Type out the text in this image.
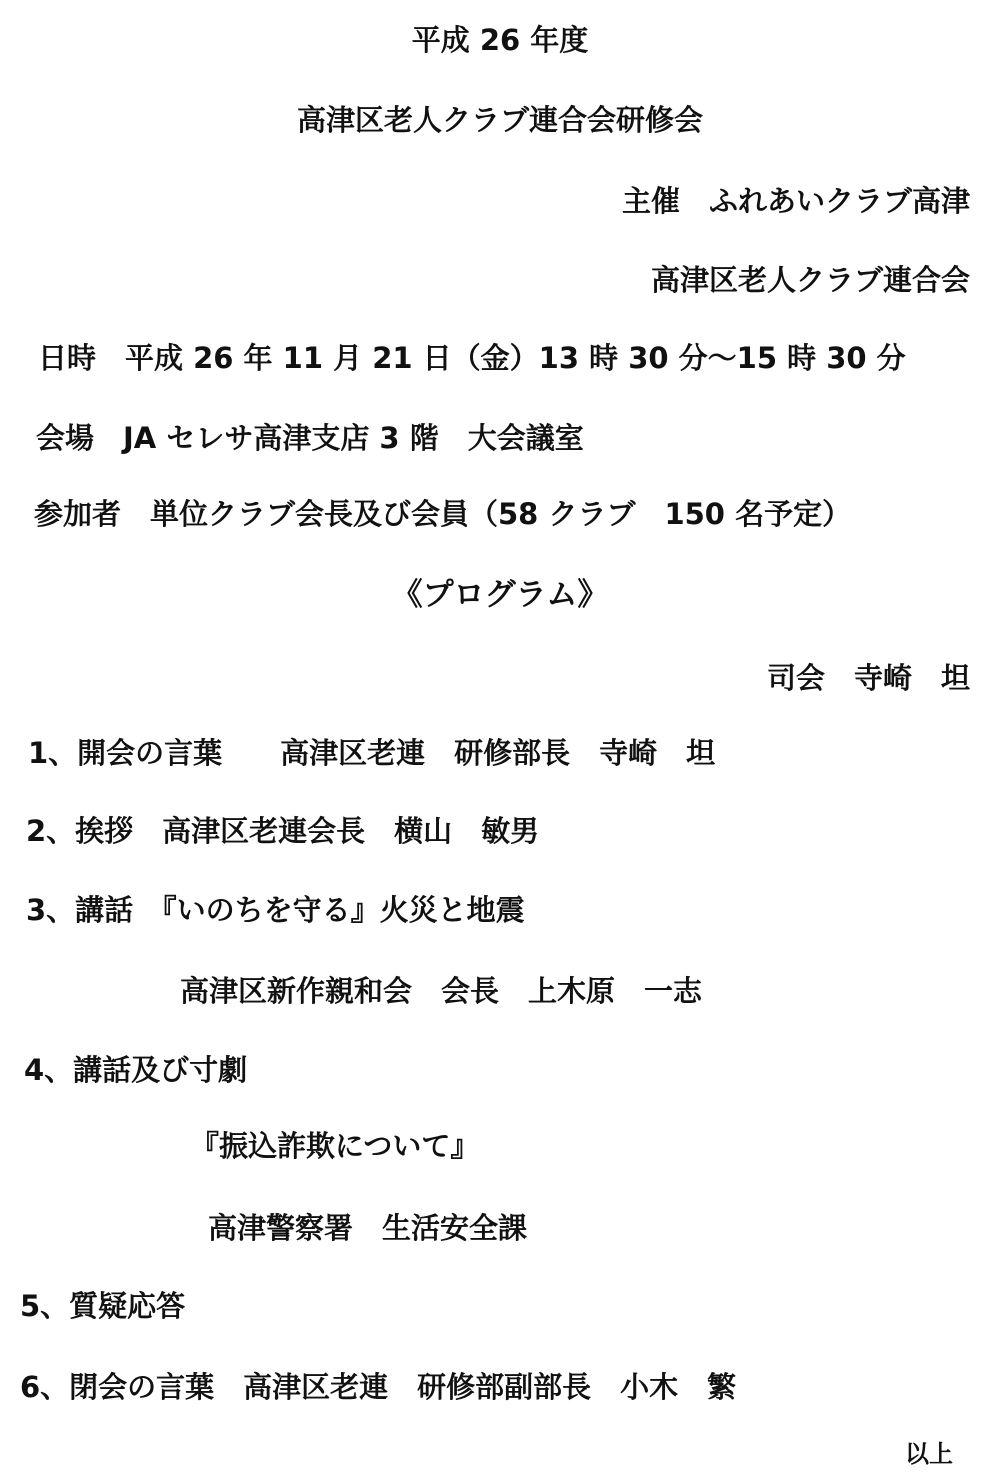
平成 26 年度
高津区老人クラブ連合会研修会
主催　ふれあいクラブ高津
高津区老人クラブ連合会
日時　平成 26 年 11 月 21 日（金）13 時 30 分～15 時 30 分
会場　JA セレサ高津支店 3 階　大会議室
参加者　単位クラブ会長及び会員（58 クラブ　150 名予定）
《プログラム》
司会　寺崎　坦
1、開会の言葉　　高津区老連　研修部長　寺崎　坦
2、挨拶　高津区老連会長　横山　敏男
3、講話　『いのちを守る』火災と地震
高津区新作親和会　会長　上木原　一志
4、講話及び寸劇
『振込詐欺について』
高津警察署　生活安全課
5、質疑応答
6、閉会の言葉　高津区老連　研修部副部長　小木　繁
以上
